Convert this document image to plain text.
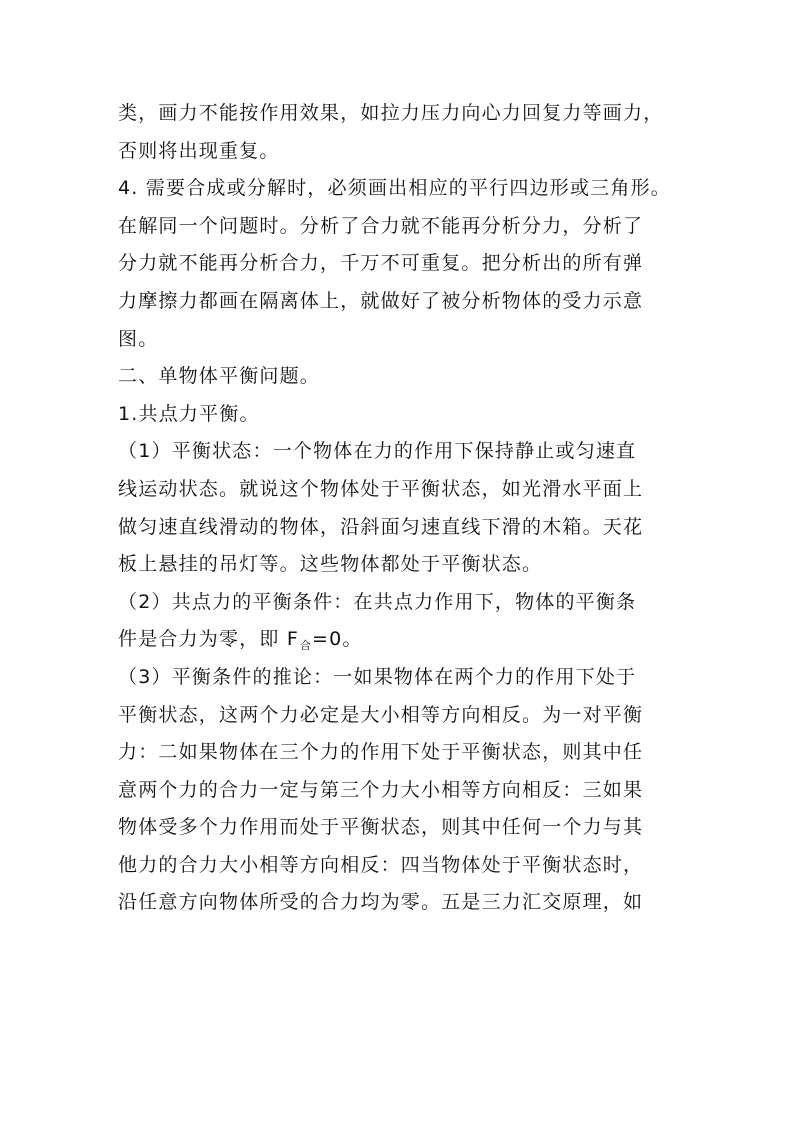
类，画力不能按作用效果，如拉力压力向心力回复力等画力，
否则将出现重复。
4. 需要合成或分解时，必须画出相应的平行四边形或三角形。
在解同一个问题时。分析了合力就不能再分析分力，分析了
分力就不能再分析合力，千万不可重复。把分析出的所有弹
力摩擦力都画在隔离体上，就做好了被分析物体的受力示意
图。
二、单物体平衡问题。
1.共点力平衡。
（1）平衡状态：一个物体在力的作用下保持静止或匀速直
线运动状态。就说这个物体处于平衡状态，如光滑水平面上
做匀速直线滑动的物体，沿斜面匀速直线下滑的木箱。天花
板上悬挂的吊灯等。这些物体都处于平衡状态。
（2）共点力的平衡条件：在共点力作用下，物体的平衡条
件是合力为零，即 $F_合=0$。
（3）平衡条件的推论：一如果物体在两个力的作用下处于
平衡状态，这两个力必定是大小相等方向相反。为一对平衡
力：二如果物体在三个力的作用下处于平衡状态，则其中任
意两个力的合力一定与第三个力大小相等方向相反：三如果
物体受多个力作用而处于平衡状态，则其中任何一个力与其
他力的合力大小相等方向相反：四当物体处于平衡状态时，
沿任意方向物体所受的合力均为零。五是三力汇交原理，如
